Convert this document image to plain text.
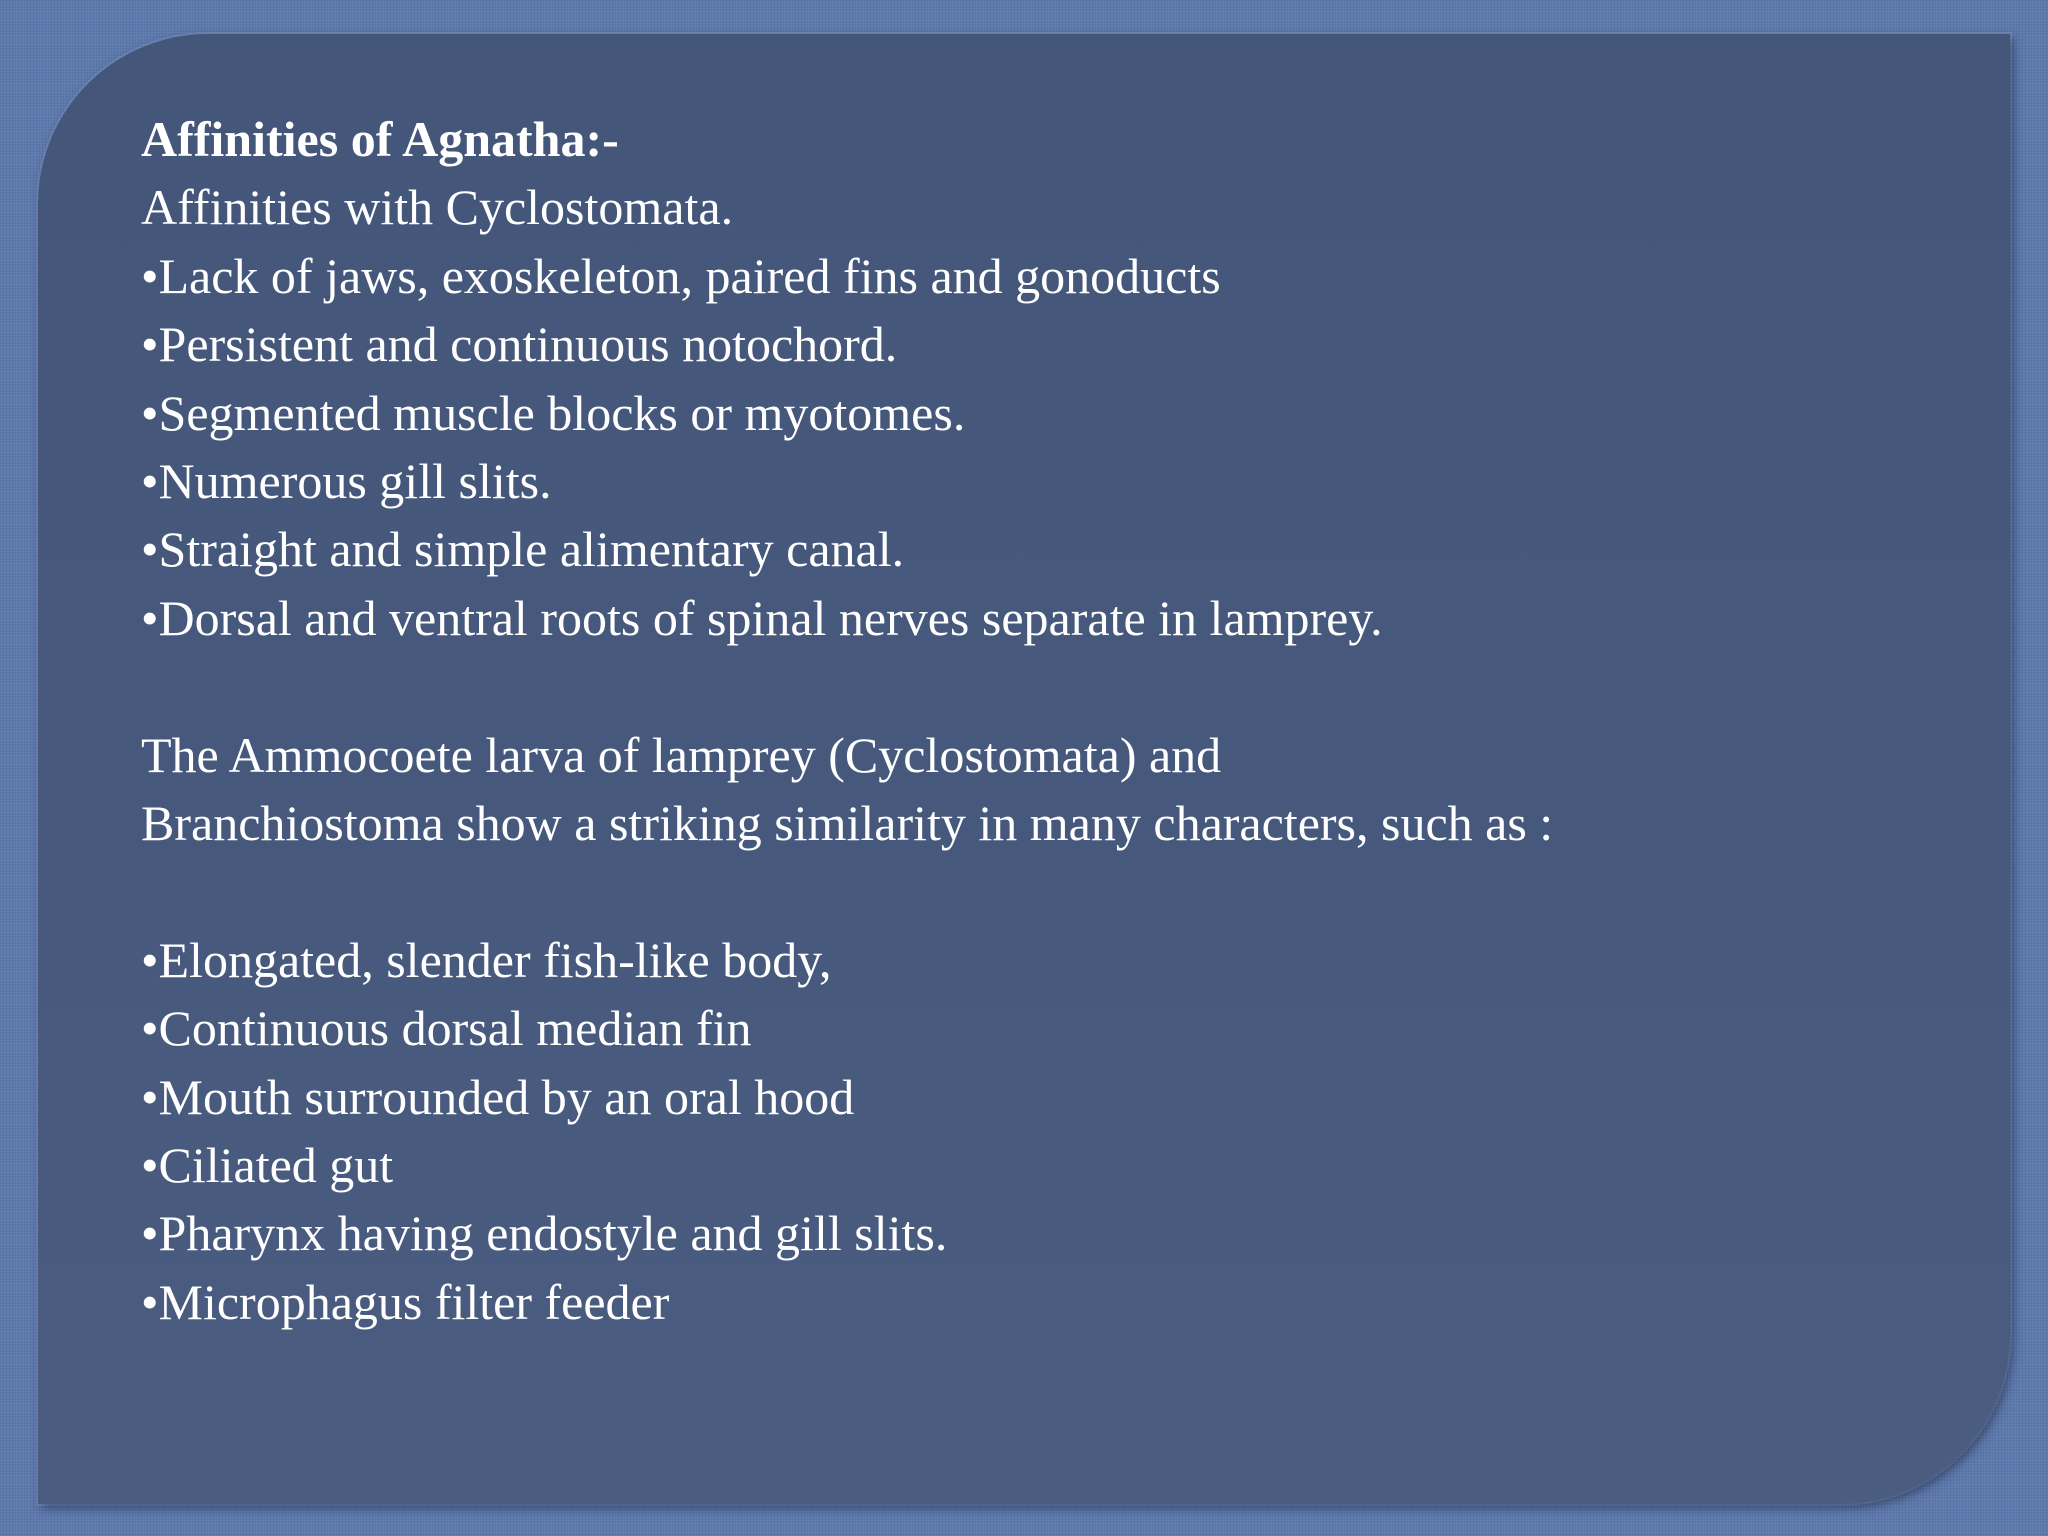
Affinities of Agnatha:-
Affinities with Cyclostomata.
•Lack of jaws, exoskeleton, paired fins and gonoducts
•Persistent and continuous notochord.
•Segmented muscle blocks or myotomes.
•Numerous gill slits.
•Straight and simple alimentary canal.
•Dorsal and ventral roots of spinal nerves separate in lamprey.
The Ammocoete larva of lamprey (Cyclostomata) and
Branchiostoma show a striking similarity in many characters, such as :
•Elongated, slender fish-like body,
•Continuous dorsal median fin
•Mouth surrounded by an oral hood
•Ciliated gut
•Pharynx having endostyle and gill slits.
•Microphagus filter feeder
